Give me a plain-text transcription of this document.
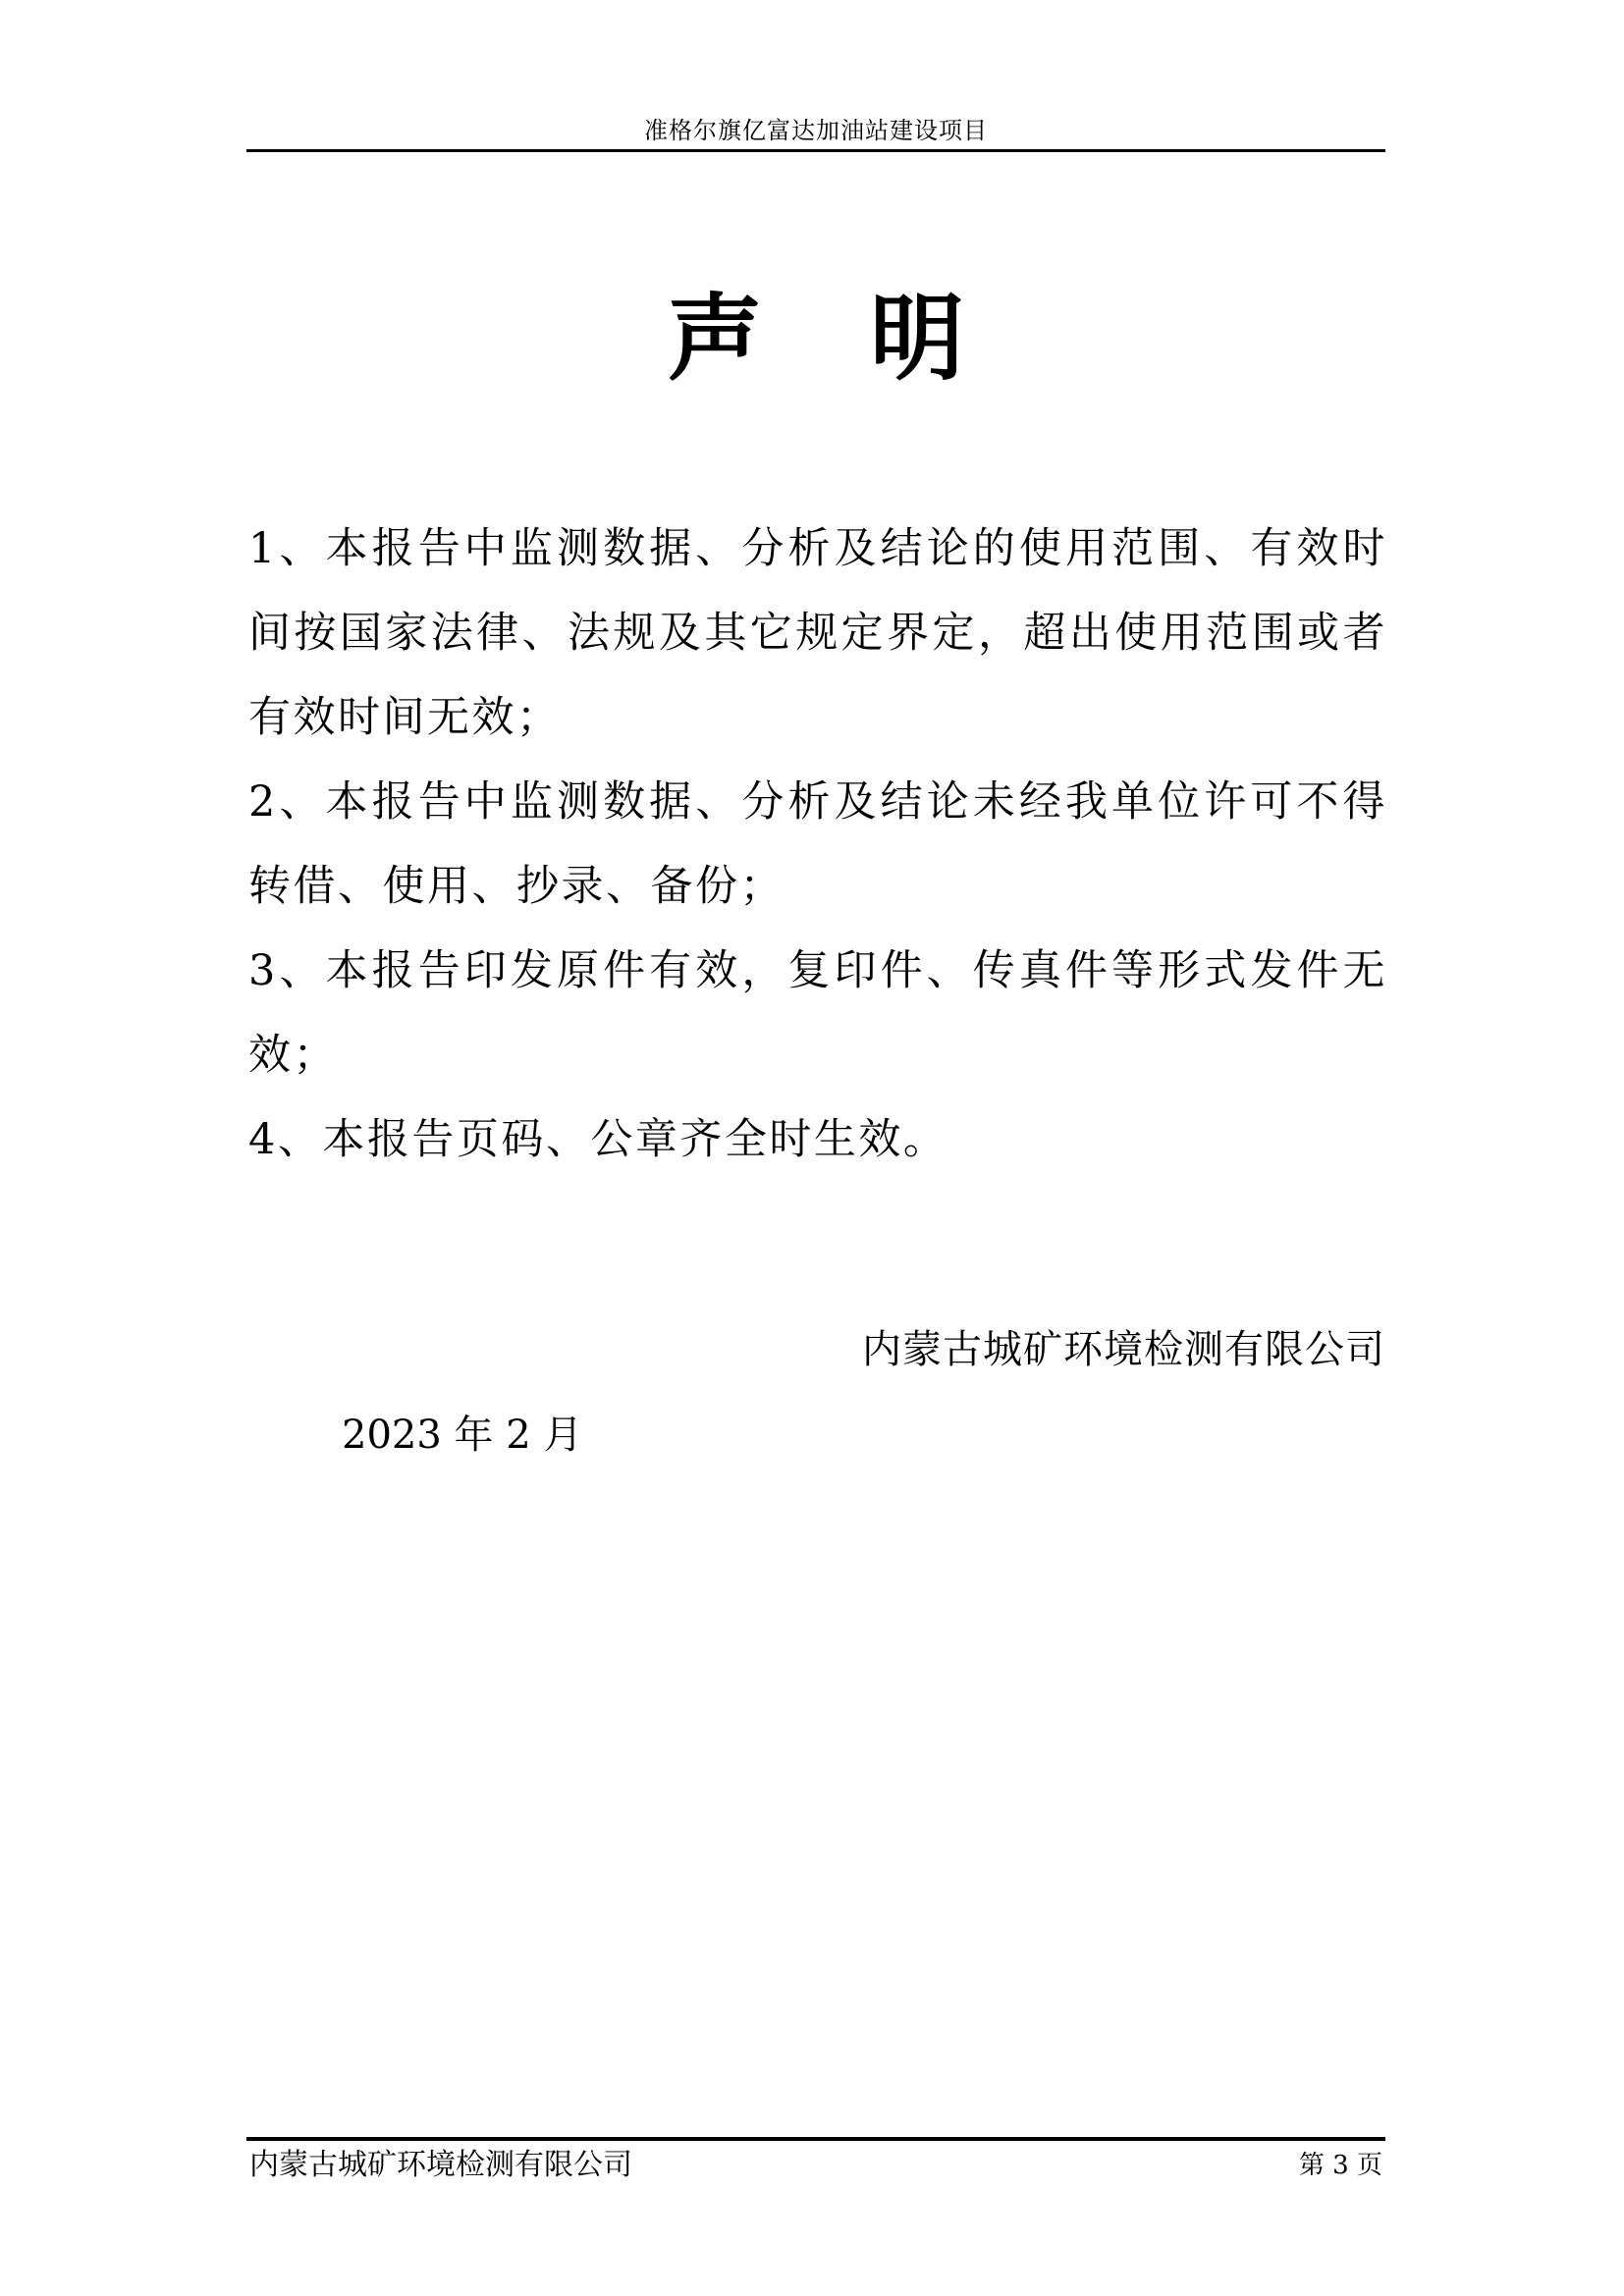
准格尔旗亿富达加油站建设项目
声明

1、本报告中监测数据、分析及结论的使用范围、有效时间按国家法律、法规及其它规定界定，超出使用范围或者有效时间无效；

2、本报告中监测数据、分析及结论未经我单位许可不得转借、使用、抄录、备份；

3、本报告印发原件有效，复印件、传真件等形式发件无效；

4、本报告页码、公章齐全时生效。

内蒙古城矿环境检测有限公司
2023 年 2 月
内蒙古城矿环境检测有限公司	第 3 页
